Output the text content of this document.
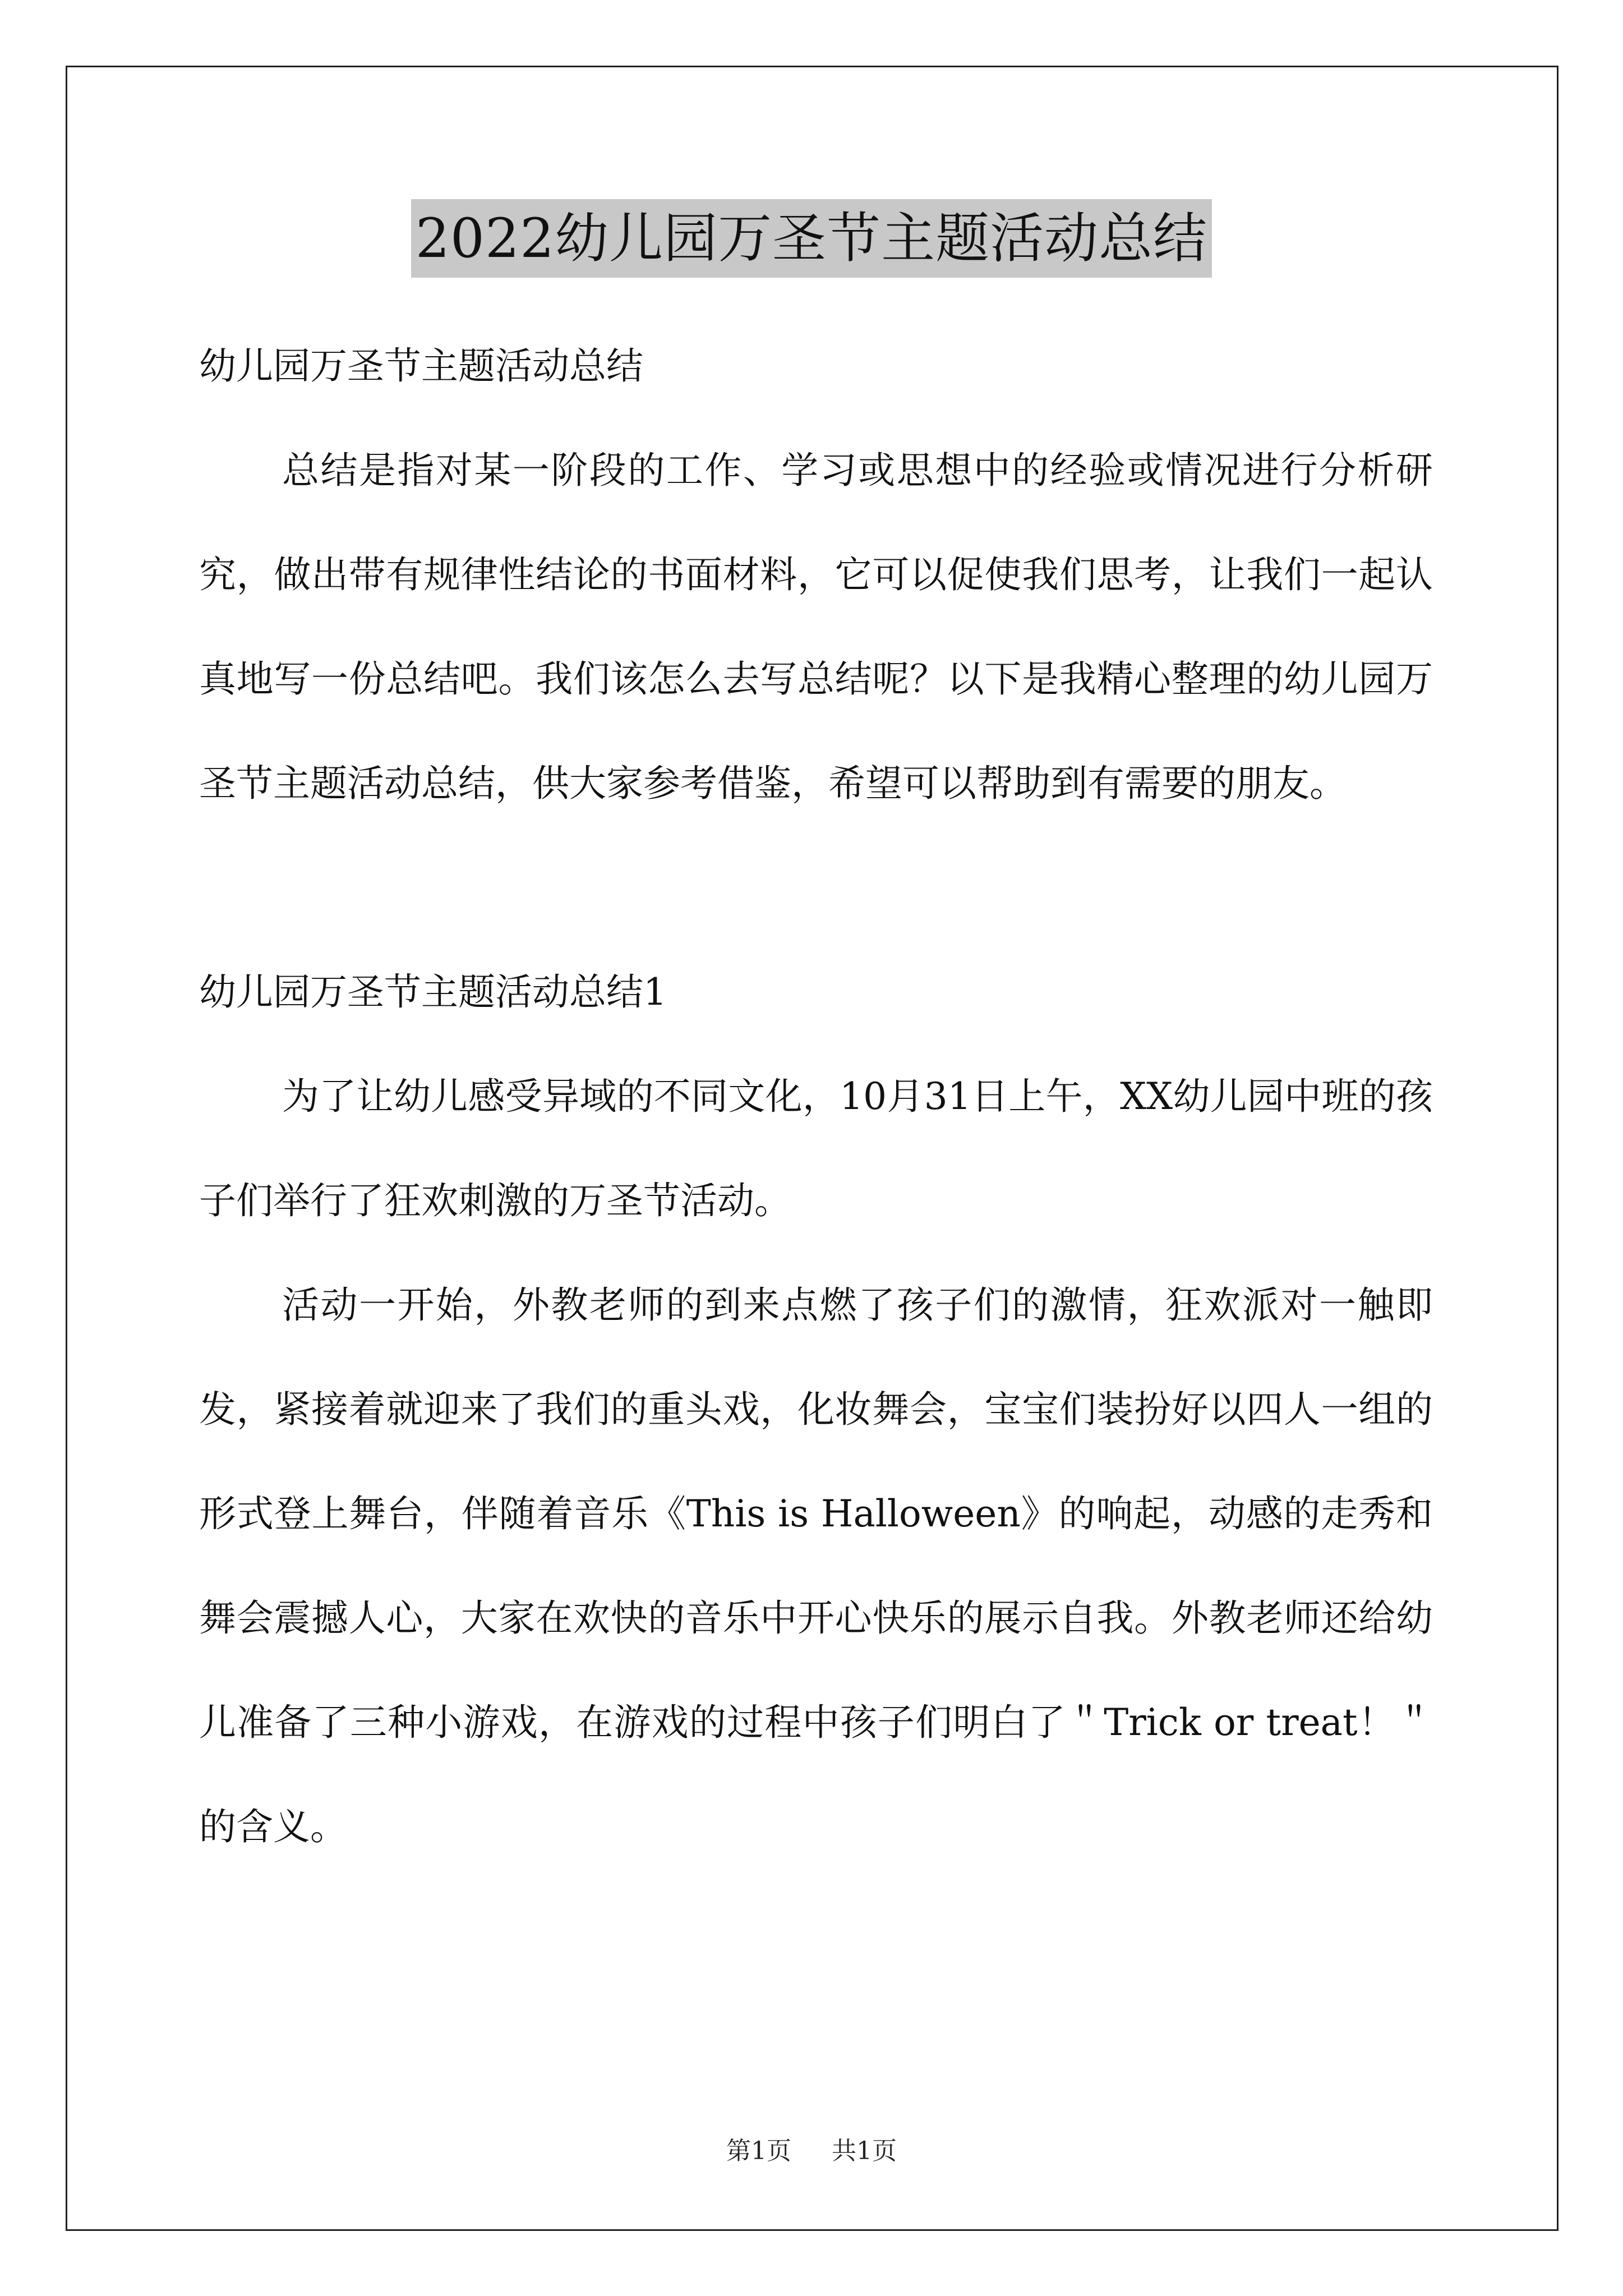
2022幼儿园万圣节主题活动总结

幼儿园万圣节主题活动总结

总结是指对某一阶段的工作、学习或思想中的经验或情况进行分析研究，做出带有规律性结论的书面材料，它可以促使我们思考，让我们一起认真地写一份总结吧。我们该怎么去写总结呢？以下是我精心整理的幼儿园万圣节主题活动总结，供大家参考借鉴，希望可以帮助到有需要的朋友。

幼儿园万圣节主题活动总结1

为了让幼儿感受异域的不同文化，10月31日上午，XX幼儿园中班的孩子们举行了狂欢刺激的万圣节活动。

活动一开始，外教老师的到来点燃了孩子们的激情，狂欢派对一触即发，紧接着就迎来了我们的重头戏，化妆舞会，宝宝们装扮好以四人一组的形式登上舞台，伴随着音乐《This is Halloween》的响起，动感的走秀和舞会震撼人心，大家在欢快的音乐中开心快乐的展示自我。外教老师还给幼儿准备了三种小游戏，在游戏的过程中孩子们明白了＂Trick or treat！＂的含义。

第1页 共1页
